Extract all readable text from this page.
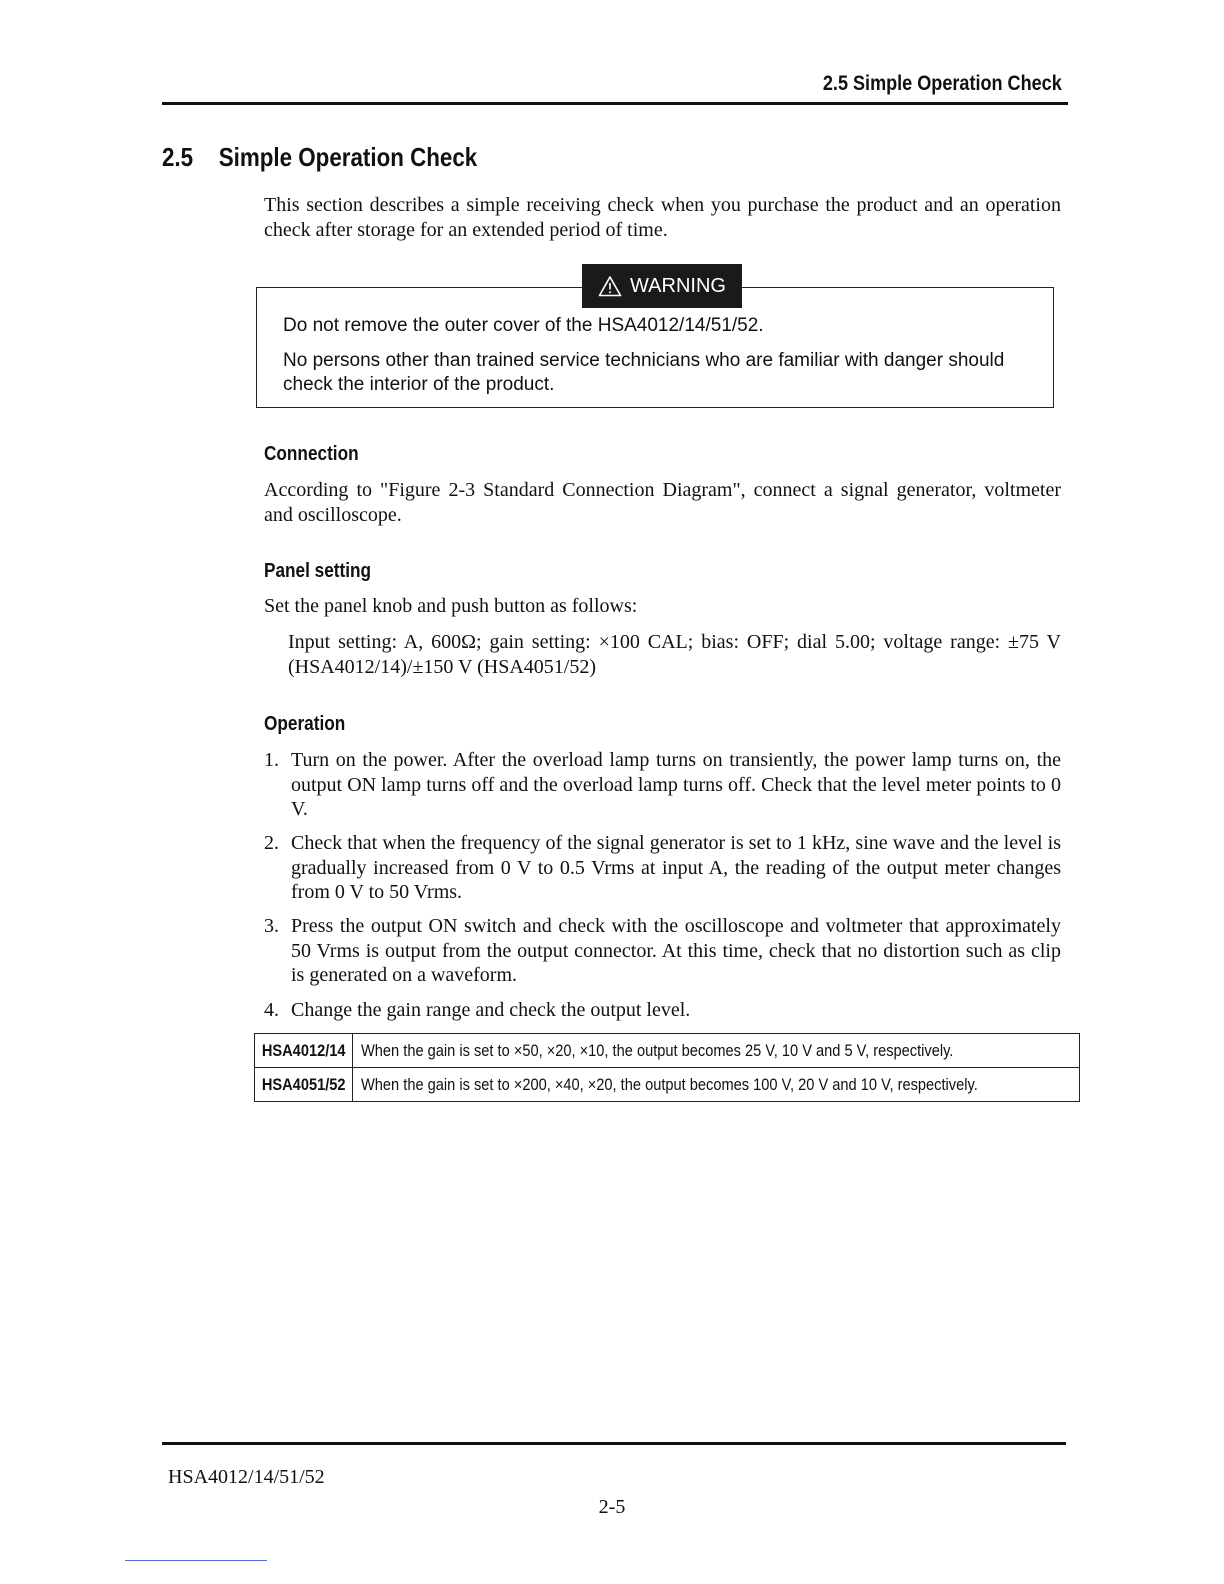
2.5 Simple Operation Check
2.5 Simple Operation Check

This section describes a simple receiving check when you purchase the product and an operation check after storage for an extended period of time.

WARNING

Do not remove the outer cover of the HSA4012/14/51/52.

No persons other than trained service technicians who are familiar with danger should check the interior of the product.

Connection

According to "Figure 2-3 Standard Connection Diagram", connect a signal generator, voltmeter and oscilloscope.

Panel setting

Set the panel knob and push button as follows:

Input setting: A, 600Ω; gain setting: ×100 CAL; bias: OFF; dial 5.00; voltage range: ±75 V (HSA4012/14)/±150 V (HSA4051/52)

Operation
1. Turn on the power. After the overload lamp turns on transiently, the power lamp turns on, the output ON lamp turns off and the overload lamp turns off. Check that the level meter points to 0 V.
2. Check that when the frequency of the signal generator is set to 1 kHz, sine wave and the level is gradually increased from 0 V to 0.5 Vrms at input A, the reading of the output meter changes from 0 V to 50 Vrms.
3. Press the output ON switch and check with the oscilloscope and voltmeter that approximately 50 Vrms is output from the output connector. At this time, check that no distortion such as clip is generated on a waveform.
4. Change the gain range and check the output level.
HSA4012/14	When the gain is set to ×50, ×20, ×10, the output becomes 25 V, 10 V and 5 V, respectively.
HSA4051/52	When the gain is set to ×200, ×40, ×20, the output becomes 100 V, 20 V and 10 V, respectively.
HSA4012/14/51/52
2-5
